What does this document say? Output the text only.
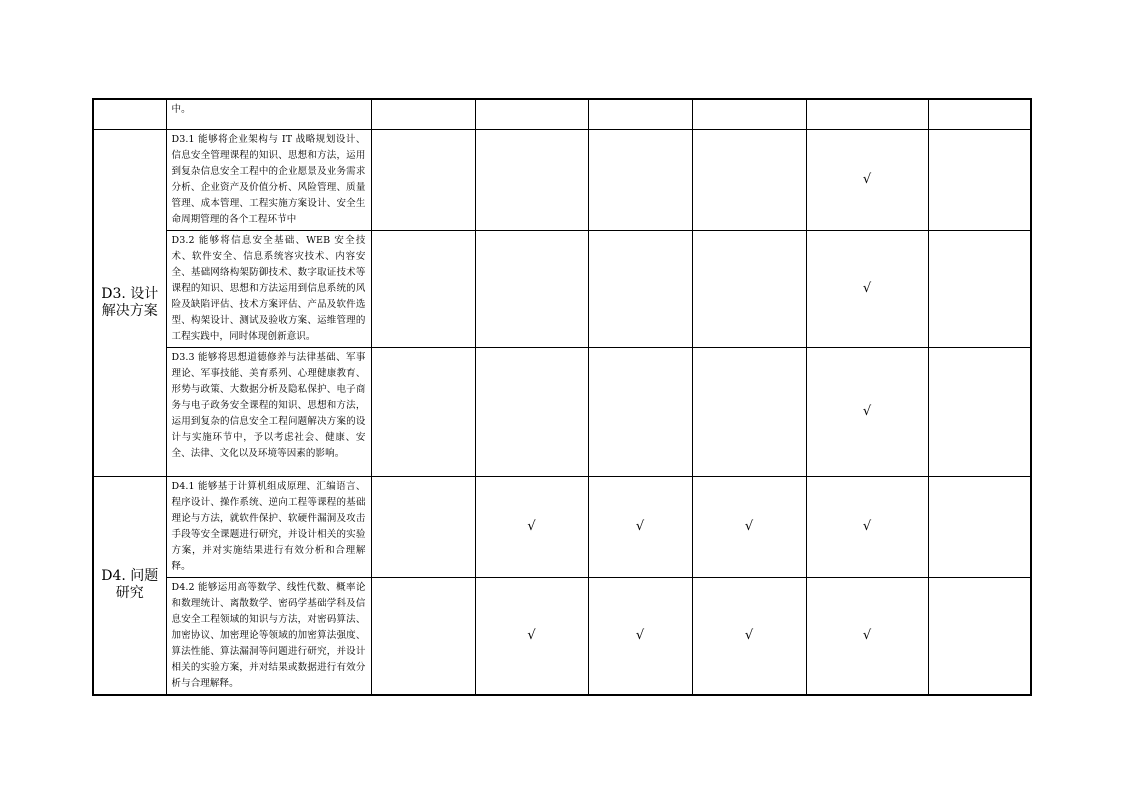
	中。						
D3. 设计解决方案	D3.1 能够将企业架构与 IT 战略规划设计、信息安全管理课程的知识、思想和方法，运用到复杂信息安全工程中的企业愿景及业务需求分析、企业资产及价值分析、风险管理、质量管理、成本管理、工程实施方案设计、安全生命周期管理的各个工程环节中					√	
	D3.2 能够将信息安全基础、WEB 安全技术、软件安全、信息系统容灾技术、内容安全、基础网络构架防御技术、数字取证技术等课程的知识、思想和方法运用到信息系统的风险及缺陷评估、技术方案评估、产品及软件选型、构架设计、测试及验收方案、运维管理的工程实践中，同时体现创新意识。					√	
	D3.3 能够将思想道德修养与法律基础、军事理论、军事技能、美育系列、心理健康教育、形势与政策、大数据分析及隐私保护、电子商务与电子政务安全课程的知识、思想和方法，运用到复杂的信息安全工程问题解决方案的设计与实施环节中，予以考虑社会、健康、安全、法律、文化以及环境等因素的影响。					√	
D4. 问题研究	D4.1 能够基于计算机组成原理、汇编语言、程序设计、操作系统、逆向工程等课程的基础理论与方法，就软件保护、软硬件漏洞及攻击手段等安全课题进行研究，并设计相关的实验方案，并对实施结果进行有效分析和合理解释。		√	√	√	√	
	D4.2 能够运用高等数学、线性代数、概率论和数理统计、离散数学、密码学基础学科及信息安全工程领域的知识与方法，对密码算法、加密协议、加密理论等领域的加密算法强度、算法性能、算法漏洞等问题进行研究，并设计相关的实验方案，并对结果或数据进行有效分析与合理解释。		√	√	√	√	
